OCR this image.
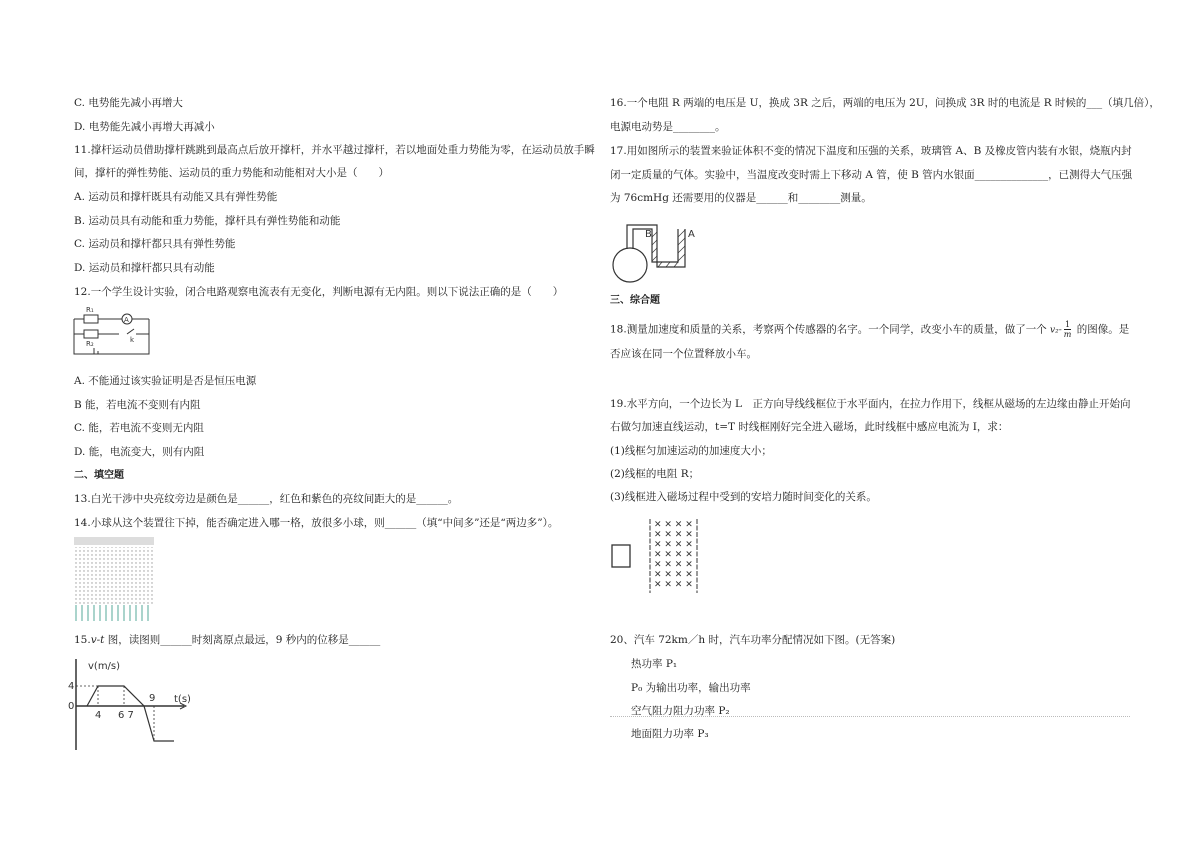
C. 电势能先减小再增大
D. 电势能先减小再增大再减小
11.撑杆运动员借助撑杆跳跳到最高点后放开撑杆，并水平越过撑杆，若以地面处重力势能为零，在运动员放手瞬
间，撑杆的弹性势能、运动员的重力势能和动能相对大小是（　　）
A. 运动员和撑杆既具有动能又具有弹性势能
B. 运动员具有动能和重力势能，撑杆具有弹性势能和动能
C. 运动员和撑杆都只具有弹性势能
D. 运动员和撑杆都只具有动能
12.一个学生设计实验，闭合电路观察电流表有无变化，判断电源有无内阻。则以下说法正确的是（　　）
R₁
R₂
A
k
A. 不能通过该实验证明是否是恒压电源
B 能，若电流不变则有内阻
C. 能，若电流不变则无内阻
D. 能，电流变大，则有内阻
二、填空题
13.白光干涉中央亮纹旁边是颜色是______，红色和紫色的亮纹间距大的是______。
14.小球从这个装置往下掉，能否确定进入哪一格，放很多小球，则______（填“中间多”还是“两边多”）。
15.v-t 图，读图则______时刻离原点最远，9 秒内的位移是______
v(m/s)
t(s)
4
0
4 6 7
9
16.一个电阻 R 两端的电压是 U，换成 3R 之后，两端的电压为 2U，问换成 3R 时的电流是 R 时候的___（填几倍），
电源电动势是________。
17.用如图所示的装置来验证体积不变的情况下温度和压强的关系，玻璃管 A、B 及橡皮管内装有水银，烧瓶内封
闭一定质量的气体。实验中，当温度改变时需上下移动 A 管，使 B 管内水银面______________，已测得大气压强
为 76cmHg 还需要用的仪器是______和________测量。
B	A
三、综合题
18.测量加速度和质量的关系，考察两个传感器的名字。一个同学，改变小车的质量，做了一个 $v_2- \frac{1}{m}$ 的图像。是
否应该在同一个位置释放小车。
19.水平方向，一个边长为 L　正方向导线线框位于水平面内，在拉力作用下，线框从磁场的左边缘由静止开始向
右做匀加速直线运动，t=T 时线框刚好完全进入磁场，此时线框中感应电流为 I，求：
(1)线框匀加速运动的加速度大小；
(2)线框的电阻 R；
(3)线框进入磁场过程中受到的安培力随时间变化的关系。
✕ ✕ ✕ ✕
✕ ✕ ✕ ✕
✕ ✕ ✕ ✕
✕ ✕ ✕ ✕
✕ ✕ ✕ ✕
✕ ✕ ✕ ✕
✕ ✕ ✕ ✕
20、汽车 72km／h 时，汽车功率分配情况如下图。(无答案)
热功率 P₁
P₀ 为输出功率，输出功率
空气阻力阻力功率 P₂
地面阻力功率 P₃
